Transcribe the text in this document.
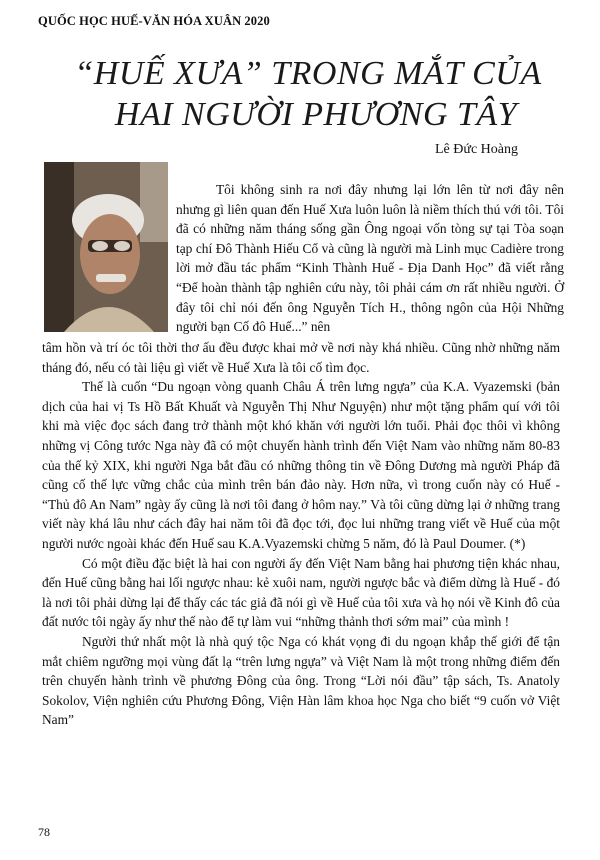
QUỐC HỌC HUẾ-VĂN HÓA XUÂN 2020
“HUẾ XƯA” TRONG MẮT CỦA
HAI NGƯỜI PHƯƠNG TÂY
Lê Đức Hoàng

Tôi không sinh ra nơi đây nhưng lại lớn lên từ nơi đây nên nhưng gì liên quan đến Huế Xưa luôn luôn là niềm thích thú với tôi. Tôi đã có những năm tháng sống gần Ông ngoại vốn tòng sự tại Tòa soạn tạp chí Đô Thành Hiếu Cổ và cũng là người mà Linh mục Cadière trong lời mở đầu tác phẩm “Kinh Thành Huế - Địa Danh Học” đã viết rằng “Để hoàn thành tập nghiên cứu này, tôi phải cám ơn rất nhiều người. Ở đây tôi chỉ nói đến ông Nguyễn Tích H., thông ngôn của Hội Những người bạn Cố đô Huế...” nên

tâm hồn và trí óc tôi thời thơ ấu đều được khai mở về nơi này khá nhiều. Cũng nhờ những năm tháng đó, nếu có tài liệu gì viết về Huế Xưa là tôi cố tìm đọc.

Thế là cuốn “Du ngoạn vòng quanh Châu Á trên lưng ngựa” của K.A. Vyazemski (bản dịch của hai vị Ts Hồ Bất Khuất và Nguyễn Thị Như Nguyện) như một tặng phẩm quí với tôi khi mà việc đọc sách đang trở thành một khó khăn với người lớn tuổi. Phải đọc thôi vì không những vị Công tước Nga này đã có một chuyến hành trình đến Việt Nam vào những năm 80-83 của thế kỷ XIX, khi người Nga bắt đầu có những thông tin về Đông Dương mà người Pháp đã cũng cố thế lực vững chắc của mình trên bán đảo này. Hơn nữa, vì trong cuốn này có Huế - “Thủ đô An Nam” ngày ấy cũng là nơi tôi đang ở hôm nay.” Và tôi cũng dừng lại ở những trang viết này khá lâu như cách đây hai năm tôi đã đọc tới, đọc lui những trang viết về Huế của một người nước ngoài khác đến Huế sau K.A.Vyazemski chừng 5 năm, đó là Paul Doumer. (*)

Có một điều đặc biệt là hai con người ấy đến Việt Nam bằng hai phương tiện khác nhau, đến Huế cũng bằng hai lối ngược nhau: kẻ xuôi nam, người ngược bắc và điểm dừng là Huế - đó là nơi tôi phải dừng lại để thấy các tác giả đã nói gì về Huế của tôi xưa và họ nói về Kinh đô của đất nước tôi ngày ấy như thế nào để tự làm vui “những thảnh thơi sớm mai” của mình !

Người thứ nhất một là nhà quý tộc Nga có khát vọng đi du ngoạn khắp thế giới để tận mắt chiêm ngưỡng mọi vùng đất lạ “trên lưng ngựa” và Việt Nam là một trong những điểm đến trên chuyến hành trình về phương Đông của ông. Trong “Lời nói đầu” tập sách, Ts. Anatoly Sokolov, Viện nghiên cứu Phương Đông, Viện Hàn lâm khoa học Nga cho biết “9 cuốn vở Việt Nam”

78
